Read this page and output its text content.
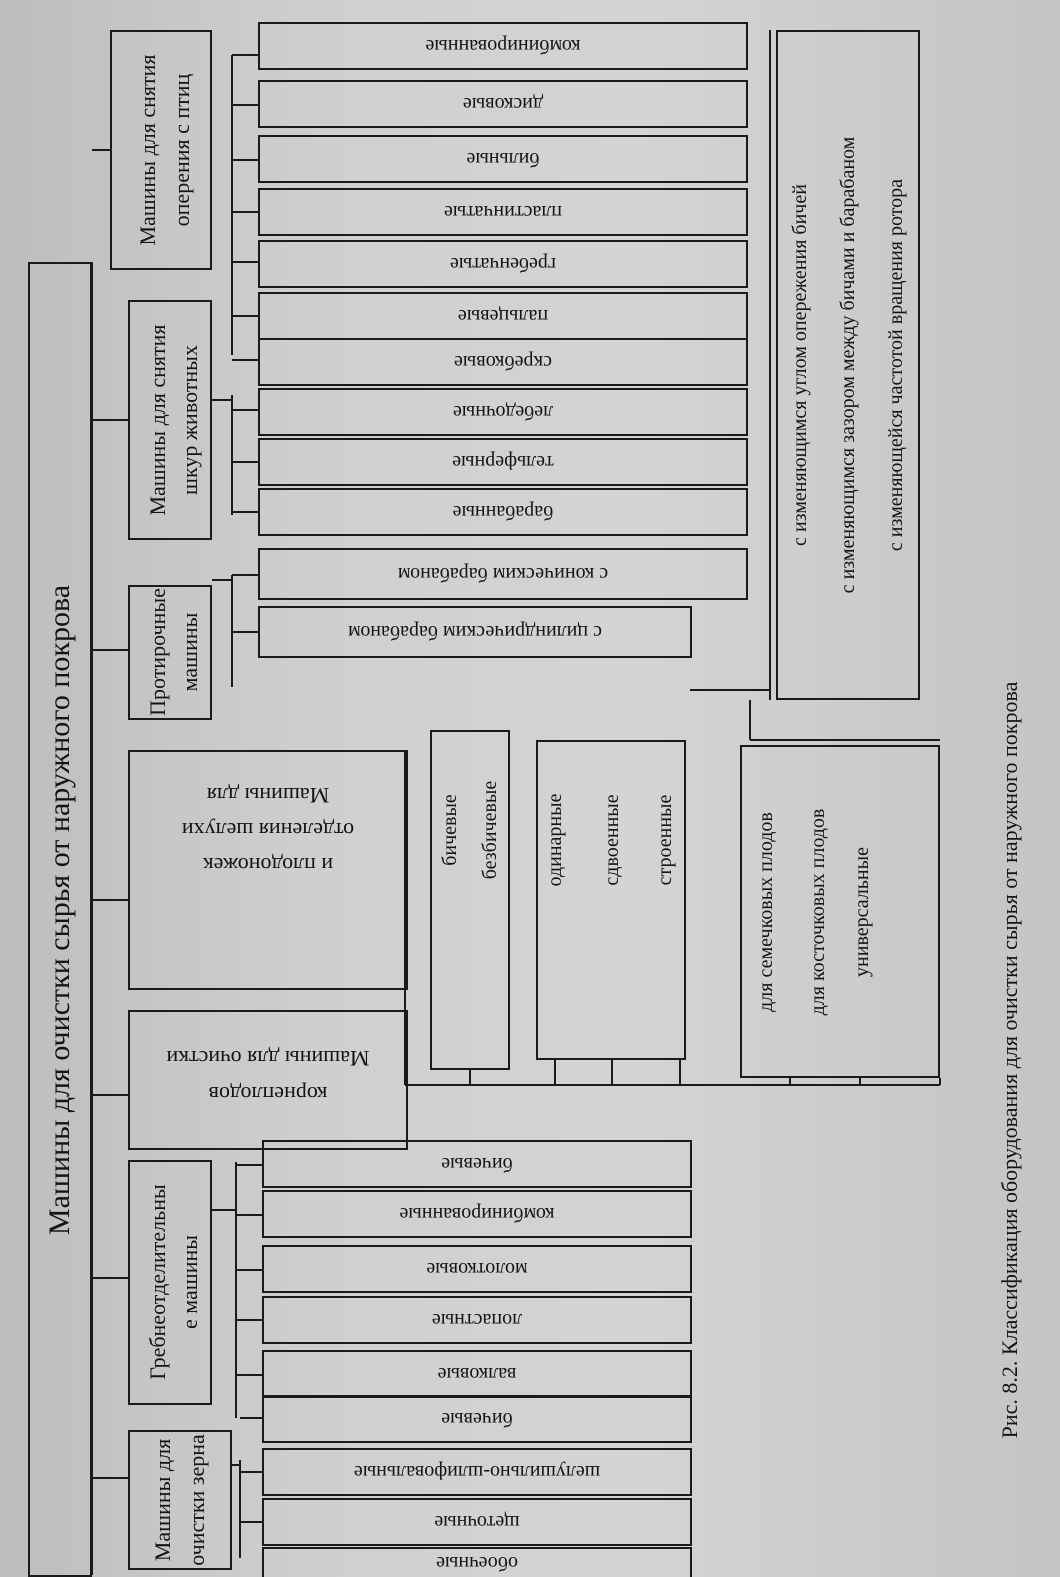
Машины для очистки сырья от наружного покрова
Машины для снятия оперения с птиц
Машины для снятия шкур животных
Протирочные машины
Машины для
отделения шелухи
и плодоножек
Машины для очистки
корнеплодов
Гребнеотделительны е машины
Машины для очистки зерна
комбинированные
дисковые
бильные
пластинчатые
гребенчатые
пальцевые
скребковые
лебедочные
тельферные
барабанные
с коническим барабаном
с цилиндрическим барабаном
с изменяющимся углом опережения бичей с изменяющимся зазором между бичами и барабаном с изменяющейся частотой вращения ротора
бичевые безбичевые одинарные сдвоенные строенные	для семечковых плодов для косточковых плодов универсальные
бичевые
комбинированные
молотковые
лопастные
валковые
бичевые
шелушильно-шлифовальные
щеточные
обоечные
Рис. 8.2. Классификация оборудования для очистки сырья от наружного покрова
